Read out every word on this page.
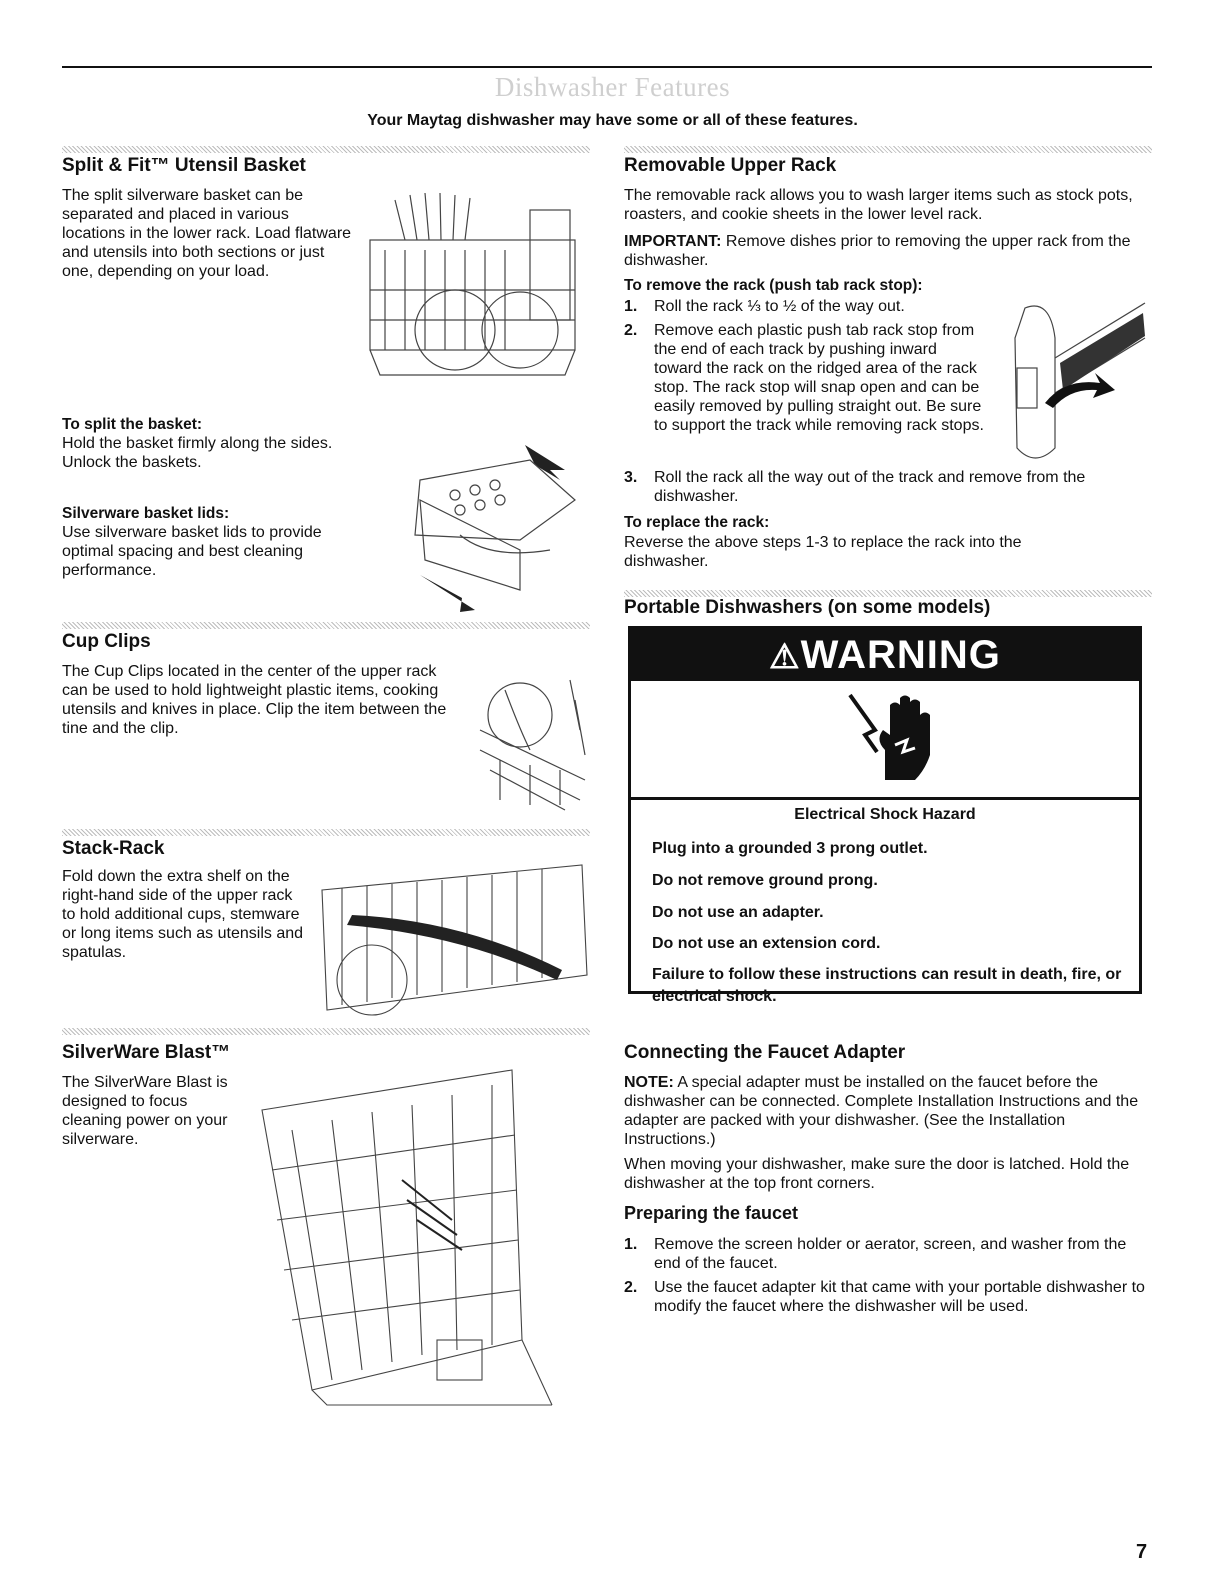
Dishwasher Features
Your Maytag dishwasher may have some or all of these features.
Split & Fit™ Utensil Basket

The split silverware basket can be separated and placed in various locations in the lower rack. Load flatware and utensils into both sections or just one, depending on your load.

To split the basket:

Hold the basket firmly along the sides. Unlock the baskets.

Silverware basket lids:

Use silverware basket lids to provide optimal spacing and best cleaning performance.

Cup Clips

The Cup Clips located in the center of the upper rack can be used to hold lightweight plastic items, cooking utensils and knives in place. Clip the item between the tine and the clip.

Stack-Rack

Fold down the extra shelf on the right-hand side of the upper rack to hold additional cups, stemware or long items such as utensils and spatulas.

SilverWare Blast™

The SilverWare Blast is designed to focus cleaning power on your silverware.

Removable Upper Rack

The removable rack allows you to wash larger items such as stock pots, roasters, and cookie sheets in the lower level rack.

IMPORTANT: Remove dishes prior to removing the upper rack from the dishwasher.

To remove the rack (push tab rack stop):
1. Roll the rack ⅓ to ½ of the way out.
2. Remove each plastic push tab rack stop from the end of each track by pushing inward toward the rack on the ridged area of the rack stop. The rack stop will snap open and can be easily removed by pulling straight out. Be sure to support the track while removing rack stops.
3. Roll the rack all the way out of the track and remove from the dishwasher.
To replace the rack:

Reverse the above steps 1-3 to replace the rack into the dishwasher.

Portable Dishwashers (on some models)
⚠WARNING
Electrical Shock Hazard
Plug into a grounded 3 prong outlet.
Do not remove ground prong.
Do not use an adapter.
Do not use an extension cord.
Failure to follow these instructions can result in death, fire, or electrical shock.
Connecting the Faucet Adapter

NOTE: A special adapter must be installed on the faucet before the dishwasher can be connected. Complete Installation Instructions and the adapter are packed with your dishwasher. (See the Installation Instructions.)

When moving your dishwasher, make sure the door is latched. Hold the dishwasher at the top front corners.

Preparing the faucet
1. Remove the screen holder or aerator, screen, and washer from the end of the faucet.
2. Use the faucet adapter kit that came with your portable dishwasher to modify the faucet where the dishwasher will be used.
7
